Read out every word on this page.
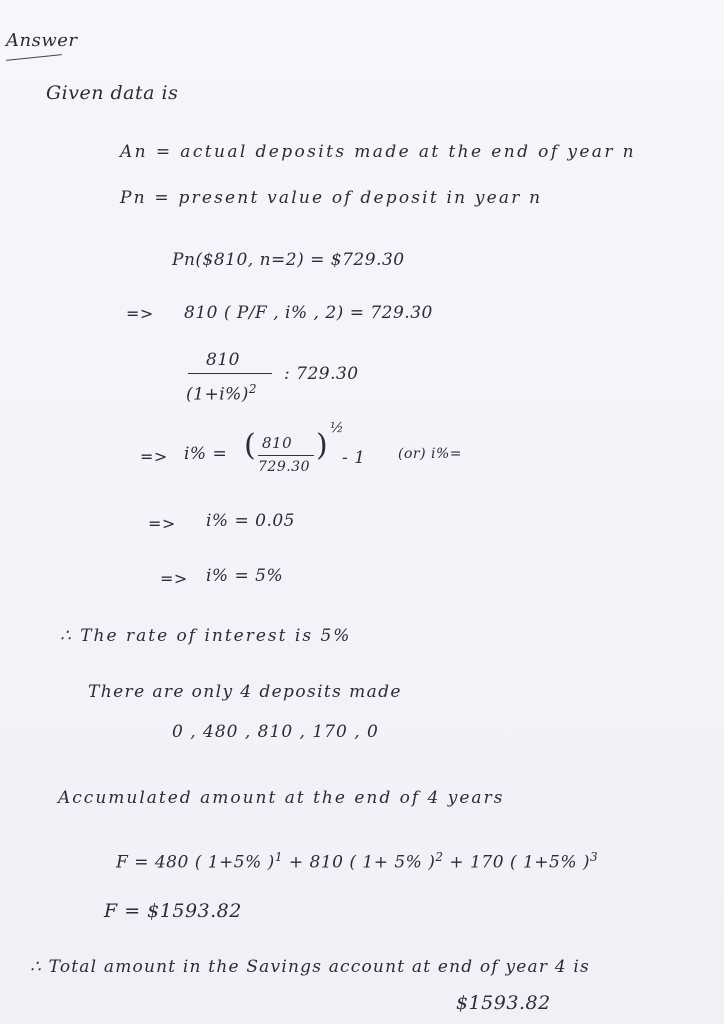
Answer
Given data is
An = actual deposits made at the end of year n
Pn = present value of deposit in year n
Pn($810, n=2) = $729.30
=> 810 ( P/F , i% , 2) = 729.30
810
$(1+i\%)^2$
: 729.30
=> i% = ( 810
729.30
) ½
- 1 (or) i%=
=> i% = 0.05
=> i% = 5%
∴ The rate of interest is 5%
There are only 4 deposits made
0 , 480 , 810 , 170 , 0
Accumulated amount at the end of 4 years
F = 480 ( 1+5% )$^1$ + 810 ( 1+ 5% )$^2$ + 170 ( 1+5% )$^3$
F = $1593.82
∴ Total amount in the Savings account at end of year 4 is
$1593.82
